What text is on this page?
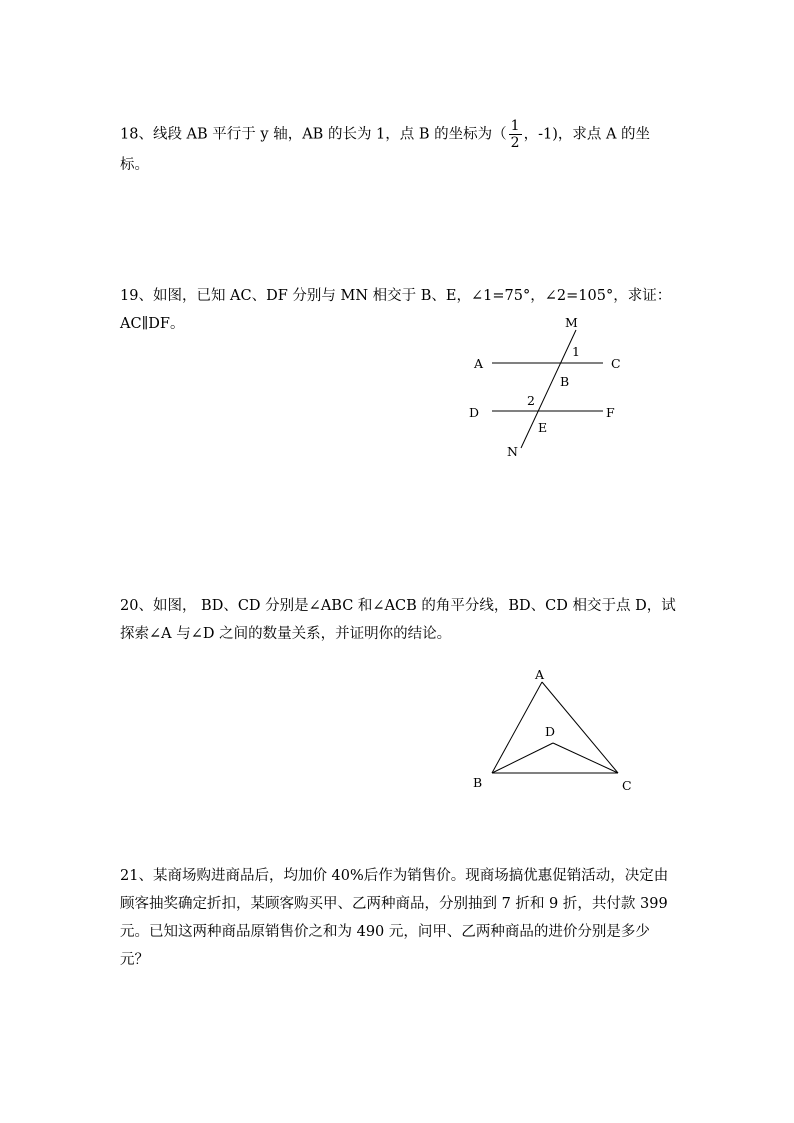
18、线段 AB 平行于 y 轴，AB 的长为 1，点 B 的坐标为（ $\frac{1}{2}$ ，-1)，求点 A 的坐标。
19、如图，已知 AC、DF 分别与 MN 相交于 B、E，∠1=75°，∠2=105°，求证：AC∥DF。	M
1
A	C
B
2
D	F
E
N
A
D
B	C
20、如图， BD、CD 分别是∠ABC 和∠ACB 的角平分线，BD、CD 相交于点 D，试探索∠A 与∠D 之间的数量关系，并证明你的结论。
21、某商场购进商品后，均加价 40%后作为销售价。现商场搞优惠促销活动，决定由顾客抽奖确定折扣，某顾客购买甲、乙两种商品，分别抽到 7 折和 9 折，共付款 399 元。已知这两种商品原销售价之和为 490 元，问甲、乙两种商品的进价分别是多少元？
